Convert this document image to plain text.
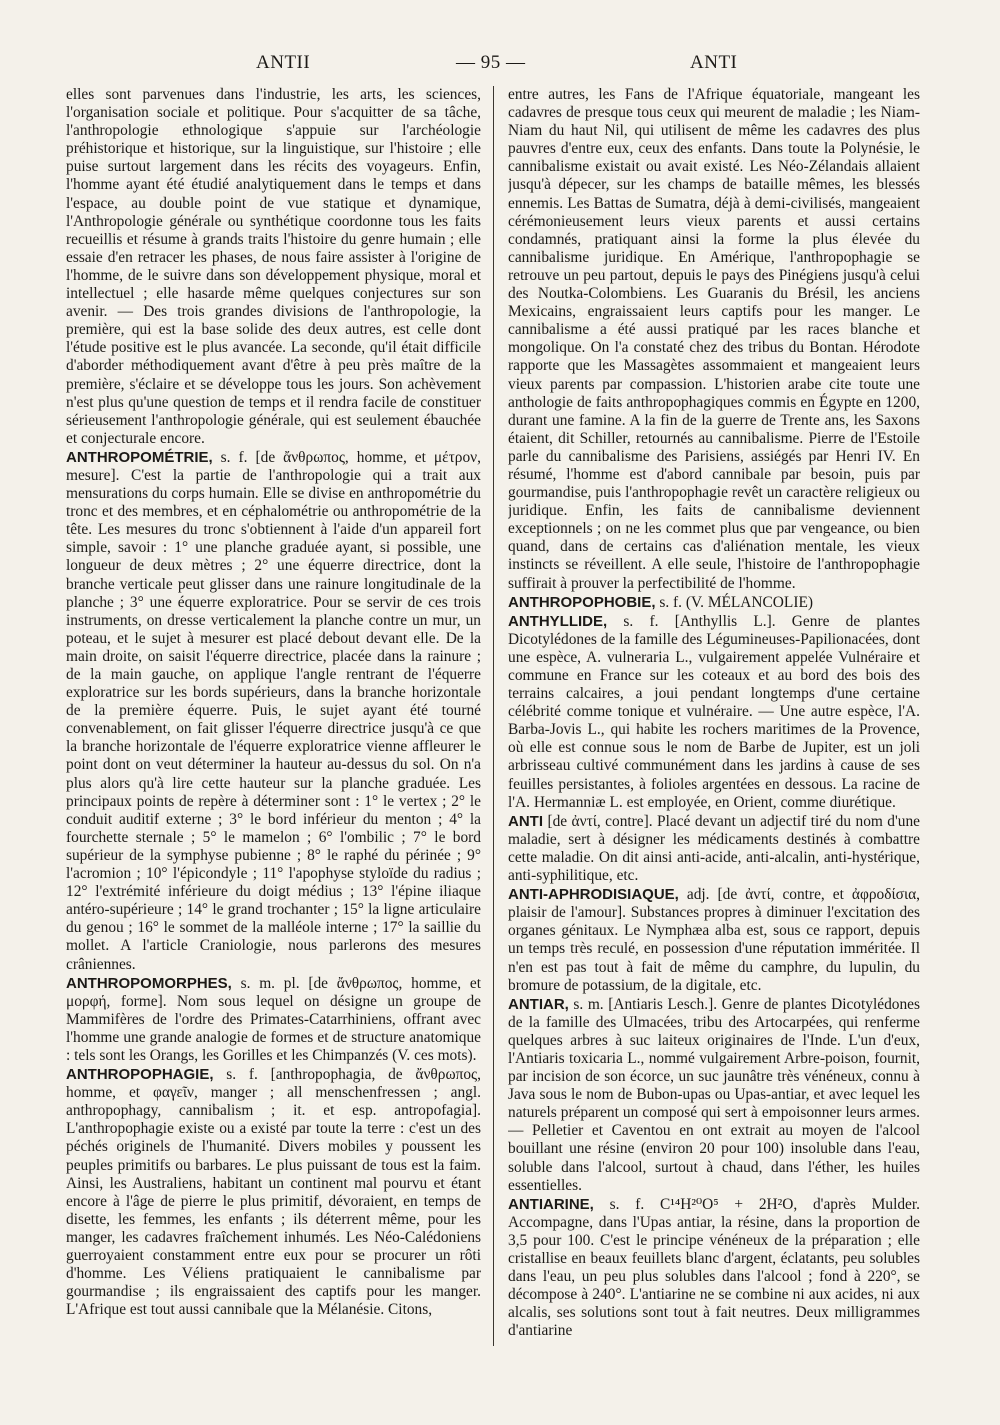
ANTII	— 95 —	ANTI

elles sont parvenues dans l'industrie, les arts, les sciences, l'organisation sociale et politique. Pour s'acquitter de sa tâche, l'anthropologie ethnologique s'appuie sur l'archéologie préhistorique et historique, sur la linguistique, sur l'histoire ; elle puise surtout largement dans les récits des voyageurs. Enfin, l'homme ayant été étudié analytiquement dans le temps et dans l'espace, au double point de vue statique et dynamique, l'Anthropologie générale ou synthétique coordonne tous les faits recueillis et résume à grands traits l'histoire du genre humain ; elle essaie d'en retracer les phases, de nous faire assister à l'origine de l'homme, de le suivre dans son développement physique, moral et intellectuel ; elle hasarde même quelques conjectures sur son avenir. — Des trois grandes divisions de l'anthropologie, la première, qui est la base solide des deux autres, est celle dont l'étude positive est le plus avancée. La seconde, qu'il était difficile d'aborder méthodiquement avant d'être à peu près maître de la première, s'éclaire et se développe tous les jours. Son achèvement n'est plus qu'une question de temps et il rendra facile de constituer sérieusement l'anthropologie générale, qui est seulement ébauchée et conjecturale encore.

ANTHROPOMÉTRIE, s. f. [de ἄνθρωπος, homme, et μέτρον, mesure]. C'est la partie de l'anthropologie qui a trait aux mensurations du corps humain. Elle se divise en anthropométrie du tronc et des membres, et en céphalométrie ou anthropométrie de la tête. Les mesures du tronc s'obtiennent à l'aide d'un appareil fort simple, savoir : 1° une planche graduée ayant, si possible, une longueur de deux mètres ; 2° une équerre directrice, dont la branche verticale peut glisser dans une rainure longitudinale de la planche ; 3° une équerre exploratrice. Pour se servir de ces trois instruments, on dresse verticalement la planche contre un mur, un poteau, et le sujet à mesurer est placé debout devant elle. De la main droite, on saisit l'équerre directrice, placée dans la rainure ; de la main gauche, on applique l'angle rentrant de l'équerre exploratrice sur les bords supérieurs, dans la branche horizontale de la première équerre. Puis, le sujet ayant été tourné convenablement, on fait glisser l'équerre directrice jusqu'à ce que la branche horizontale de l'équerre exploratrice vienne affleurer le point dont on veut déterminer la hauteur au-dessus du sol. On n'a plus alors qu'à lire cette hauteur sur la planche graduée. Les principaux points de repère à déterminer sont : 1° le vertex ; 2° le conduit auditif externe ; 3° le bord inférieur du menton ; 4° la fourchette sternale ; 5° le mamelon ; 6° l'ombilic ; 7° le bord supérieur de la symphyse pubienne ; 8° le raphé du périnée ; 9° l'acromion ; 10° l'épicondyle ; 11° l'apophyse styloïde du radius ; 12° l'extrémité inférieure du doigt médius ; 13° l'épine iliaque antéro-supérieure ; 14° le grand trochanter ; 15° la ligne articulaire du genou ; 16° le sommet de la malléole interne ; 17° la saillie du mollet. A l'article Craniologie, nous parlerons des mesures crâniennes.

ANTHROPOMORPHES, s. m. pl. [de ἄνθρωπος, homme, et μορφή, forme]. Nom sous lequel on désigne un groupe de Mammifères de l'ordre des Primates-Catarrhiniens, offrant avec l'homme une grande analogie de formes et de structure anatomique : tels sont les Orangs, les Gorilles et les Chimpanzés (V. ces mots).

ANTHROPOPHAGIE, s. f. [anthropophagia, de ἄνθρωπος, homme, et φαγεῖν, manger ; all menschenfressen ; angl. anthropophagy, cannibalism ; it. et esp. antropofagia]. L'anthropophagie existe ou a existé par toute la terre : c'est un des péchés originels de l'humanité. Divers mobiles y poussent les peuples primitifs ou barbares. Le plus puissant de tous est la faim. Ainsi, les Australiens, habitant un continent mal pourvu et étant encore à l'âge de pierre le plus primitif, dévoraient, en temps de disette, les femmes, les enfants ; ils déterrent même, pour les manger, les cadavres fraîchement inhumés. Les Néo-Calédoniens guerroyaient constamment entre eux pour se procurer un rôti d'homme. Les Véliens pratiquaient le cannibalisme par gourmandise ; ils engraissaient des captifs pour les manger. L'Afrique est tout aussi cannibale que la Mélanésie. Citons,

entre autres, les Fans de l'Afrique équatoriale, mangeant les cadavres de presque tous ceux qui meurent de maladie ; les Niam-Niam du haut Nil, qui utilisent de même les cadavres des plus pauvres d'entre eux, ceux des enfants. Dans toute la Polynésie, le cannibalisme existait ou avait existé. Les Néo-Zélandais allaient jusqu'à dépecer, sur les champs de bataille mêmes, les blessés ennemis. Les Battas de Sumatra, déjà à demi-civilisés, mangeaient cérémonieusement leurs vieux parents et aussi certains condamnés, pratiquant ainsi la forme la plus élevée du cannibalisme juridique. En Amérique, l'anthropophagie se retrouve un peu partout, depuis le pays des Pinégiens jusqu'à celui des Noutka-Colombiens. Les Guaranis du Brésil, les anciens Mexicains, engraissaient leurs captifs pour les manger. Le cannibalisme a été aussi pratiqué par les races blanche et mongolique. On l'a constaté chez des tribus du Bontan. Hérodote rapporte que les Massagètes assommaient et mangeaient leurs vieux parents par compassion. L'historien arabe cite toute une anthologie de faits anthropophagiques commis en Égypte en 1200, durant une famine. A la fin de la guerre de Trente ans, les Saxons étaient, dit Schiller, retournés au cannibalisme. Pierre de l'Estoile parle du cannibalisme des Parisiens, assiégés par Henri IV. En résumé, l'homme est d'abord cannibale par besoin, puis par gourmandise, puis l'anthropophagie revêt un caractère religieux ou juridique. Enfin, les faits de cannibalisme deviennent exceptionnels ; on ne les commet plus que par vengeance, ou bien quand, dans de certains cas d'aliénation mentale, les vieux instincts se réveillent. A elle seule, l'histoire de l'anthropophagie suffirait à prouver la perfectibilité de l'homme.

ANTHROPOPHOBIE, s. f. (V. MÉLANCOLIE)

ANTHYLLIDE, s. f. [Anthyllis L.]. Genre de plantes Dicotylédones de la famille des Légumineuses-Papilionacées, dont une espèce, A. vulneraria L., vulgairement appelée Vulnéraire et commune en France sur les coteaux et au bord des bois des terrains calcaires, a joui pendant longtemps d'une certaine célébrité comme tonique et vulnéraire. — Une autre espèce, l'A. Barba-Jovis L., qui habite les rochers maritimes de la Provence, où elle est connue sous le nom de Barbe de Jupiter, est un joli arbrisseau cultivé communément dans les jardins à cause de ses feuilles persistantes, à folioles argentées en dessous. La racine de l'A. Hermanniæ L. est employée, en Orient, comme diurétique.

ANTI [de ἀντί, contre]. Placé devant un adjectif tiré du nom d'une maladie, sert à désigner les médicaments destinés à combattre cette maladie. On dit ainsi anti-acide, anti-alcalin, anti-hystérique, anti-syphilitique, etc.

ANTI-APHRODISIAQUE, adj. [de ἀντί, contre, et ἀφροδίσια, plaisir de l'amour]. Substances propres à diminuer l'excitation des organes génitaux. Le Nymphæa alba est, sous ce rapport, depuis un temps très reculé, en possession d'une réputation imméritée. Il n'en est pas tout à fait de même du camphre, du lupulin, du bromure de potassium, de la digitale, etc.

ANTIAR, s. m. [Antiaris Lesch.]. Genre de plantes Dicotylédones de la famille des Ulmacées, tribu des Artocarpées, qui renferme quelques arbres à suc laiteux originaires de l'Inde. L'un d'eux, l'Antiaris toxicaria L., nommé vulgairement Arbre-poison, fournit, par incision de son écorce, un suc jaunâtre très vénéneux, connu à Java sous le nom de Bubon-upas ou Upas-antiar, et avec lequel les naturels préparent un composé qui sert à empoisonner leurs armes. — Pelletier et Caventou en ont extrait au moyen de l'alcool bouillant une résine (environ 20 pour 100) insoluble dans l'eau, soluble dans l'alcool, surtout à chaud, dans l'éther, les huiles essentielles.

ANTIARINE, s. f. C¹⁴H²⁰O⁵ + 2H²O, d'après Mulder. Accompagne, dans l'Upas antiar, la résine, dans la proportion de 3,5 pour 100. C'est le principe vénéneux de la préparation ; elle cristallise en beaux feuillets blanc d'argent, éclatants, peu solubles dans l'eau, un peu plus solubles dans l'alcool ; fond à 220°, se décompose à 240°. L'antiarine ne se combine ni aux acides, ni aux alcalis, ses solutions sont tout à fait neutres. Deux milligrammes d'antiarine
